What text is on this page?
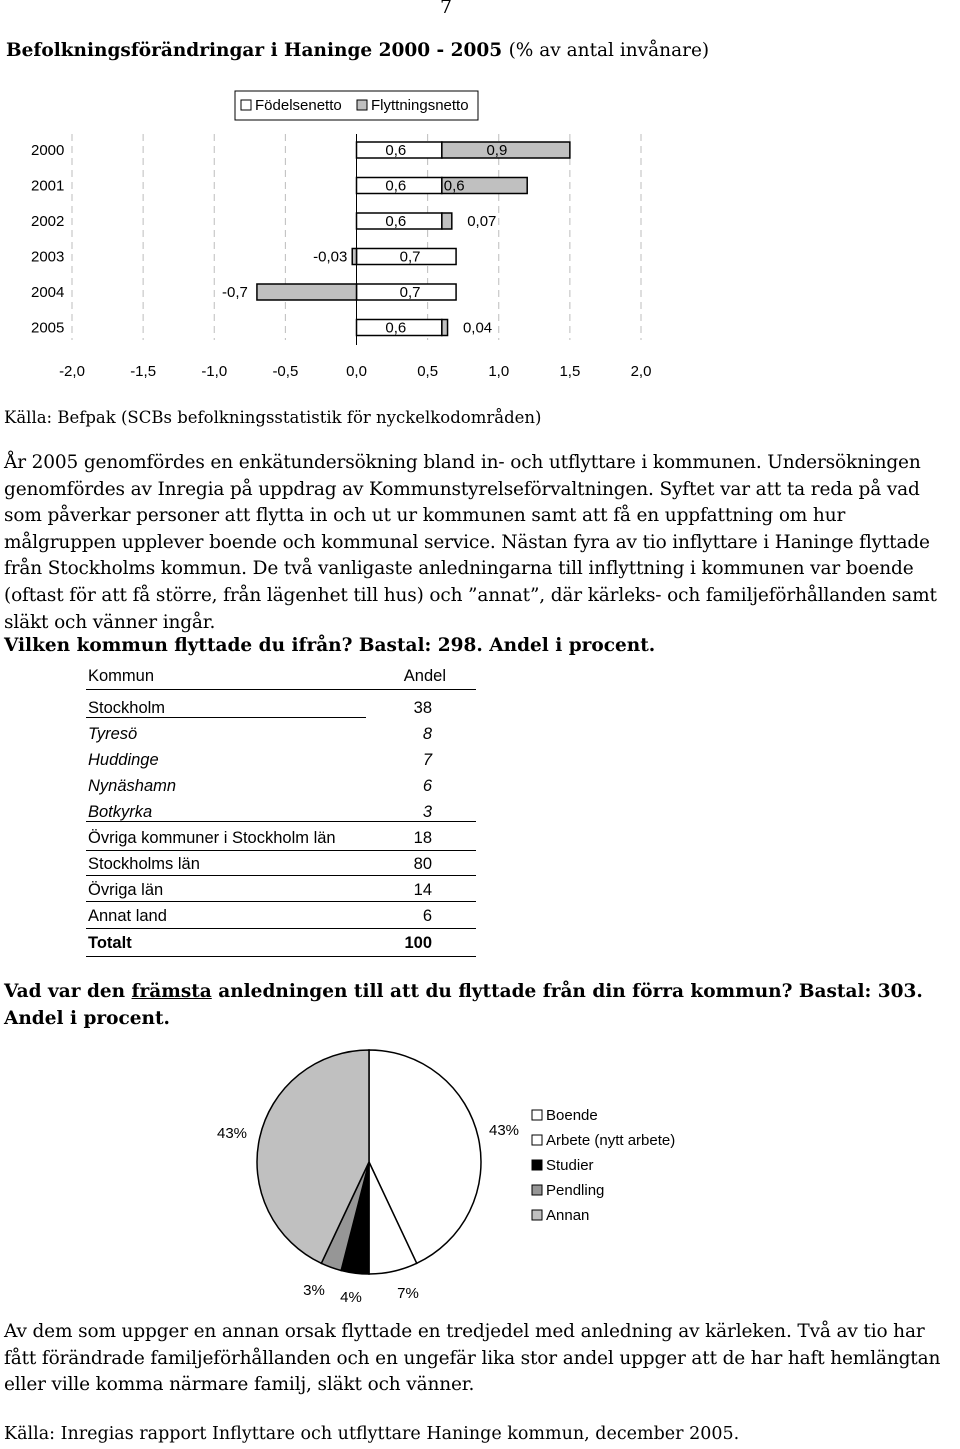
7
Befolkningsförändringar i Haninge 2000 - 2005 (% av antal invånare)
Födelsenetto Flyttningsnetto
-2,0	-1,5	-1,0	-0,5	0,0	0,5	1,0	1,5	2,0
2000	0,6	0,9
2001	0,6 0,6
2002	0,6	0,07
2003	0,7
-0,03
2004	0,7
-0,7
2005	0,6	0,04
Källa: Befpak (SCBs befolkningsstatistik för nyckelkodområden)

År 2005 genomfördes en enkätundersökning bland in- och utflyttare i kommunen. Undersökningen genomfördes av Inregia på uppdrag av Kommunstyrelseförvaltningen. Syftet var att ta reda på vad som påverkar personer att flytta in och ut ur kommunen samt att få en uppfattning om hur målgruppen upplever boende och kommunal service. Nästan fyra av tio inflyttare i Haninge flyttade från Stockholms kommun. De två vanligaste anledningarna till inflyttning i kommunen var boende (oftast för att få större, från lägenhet till hus) och ”annat”, där kärleks- och familjeförhållanden samt släkt och vänner ingår.

Vilken kommun flyttade du ifrån? Bastal: 298. Andel i procent.
Kommun	Andel
Stockholm	38
Tyresö	8
Huddinge	7
Nynäshamn	6
Botkyrka	3
Övriga kommuner i Stockholm län	18
Stockholms län	80
Övriga län	14
Annat land	6
Totalt	100
Vad var den främsta anledningen till att du flyttade från din förra kommun? Bastal: 303. Andel i procent.
43%
7%
4%
3%
43%
Boende
Arbete (nytt arbete)
Studier
Pendling
Annan

Av dem som uppger en annan orsak flyttade en tredjedel med anledning av kärleken. Två av tio har fått förändrade familjeförhållanden och en ungefär lika stor andel uppger att de har haft hemlängtan eller ville komma närmare familj, släkt och vänner.

Källa: Inregias rapport Inflyttare och utflyttare Haninge kommun, december 2005.
